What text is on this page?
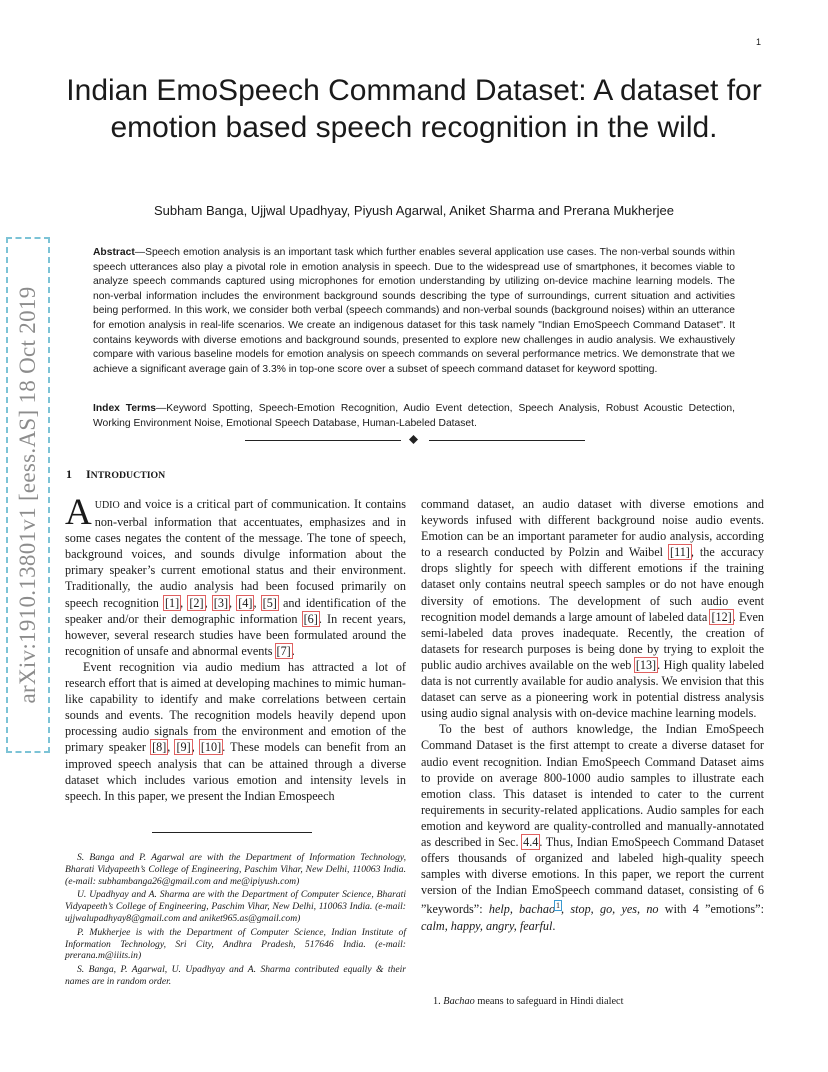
1
Indian EmoSpeech Command Dataset: A dataset for emotion based speech recognition in the wild.
Subham Banga, Ujjwal Upadhyay, Piyush Agarwal, Aniket Sharma and Prerana Mukherjee
arXiv:1910.13801v1 [eess.AS] 18 Oct 2019
Abstract—Speech emotion analysis is an important task which further enables several application use cases. The non-verbal sounds within speech utterances also play a pivotal role in emotion analysis in speech. Due to the widespread use of smartphones, it becomes viable to analyze speech commands captured using microphones for emotion understanding by utilizing on-device machine learning models. The non-verbal information includes the environment background sounds describing the type of surroundings, current situation and activities being performed. In this work, we consider both verbal (speech commands) and non-verbal sounds (background noises) within an utterance for emotion analysis in real-life scenarios. We create an indigenous dataset for this task namely "Indian EmoSpeech Command Dataset". It contains keywords with diverse emotions and background sounds, presented to explore new challenges in audio analysis. We exhaustively compare with various baseline models for emotion analysis on speech commands on several performance metrics. We demonstrate that we achieve a significant average gain of 3.3% in top-one score over a subset of speech command dataset for keyword spotting.
Index Terms—Keyword Spotting, Speech-Emotion Recognition, Audio Event detection, Speech Analysis, Robust Acoustic Detection, Working Environment Noise, Emotional Speech Database, Human-Labeled Dataset.
1 INTRODUCTION

AUDIO and voice is a critical part of communication. It contains non-verbal information that accentuates, emphasizes and in some cases negates the content of the message. The tone of speech, background voices, and sounds divulge information about the primary speaker’s current emotional status and their environment. Traditionally, the audio analysis had been focused primarily on speech recognition [1], [2], [3], [4], [5] and identification of the speaker and/or their demographic information [6]. In recent years, however, several research studies have been formulated around the recognition of unsafe and abnormal events [7].

Event recognition via audio medium has attracted a lot of research effort that is aimed at developing machines to mimic human-like capability to identify and make correlations between certain sounds and events. The recognition models heavily depend upon processing audio signals from the environment and emotion of the primary speaker [8], [9], [10]. These models can benefit from an improved speech analysis that can be attained through a diverse dataset which includes various emotion and intensity levels in speech. In this paper, we present the Indian Emospeech

command dataset, an audio dataset with diverse emotions and keywords infused with different background noise audio events. Emotion can be an important parameter for audio analysis, according to a research conducted by Polzin and Waibel [11], the accuracy drops slightly for speech with different emotions if the training dataset only contains neutral speech samples or do not have enough diversity of emotions. The development of such audio event recognition model demands a large amount of labeled data [12]. Even semi-labeled data proves inadequate. Recently, the creation of datasets for research purposes is being done by trying to exploit the public audio archives available on the web [13]. High quality labeled data is not currently available for audio analysis. We envision that this dataset can serve as a pioneering work in potential distress analysis using audio signal analysis with on-device machine learning models.

To the best of authors knowledge, the Indian EmoSpeech Command Dataset is the first attempt to create a diverse dataset for audio event recognition. Indian EmoSpeech Command Dataset aims to provide on average 800-1000 audio samples to illustrate each emotion class. This dataset is intended to cater to the current requirements in security-related applications. Audio samples for each emotion and keyword are quality-controlled and manually-annotated as described in Sec. 4.4. Thus, Indian EmoSpeech Command Dataset offers thousands of organized and labeled high-quality speech samples with diverse emotions. In this paper, we report the current version of the Indian EmoSpeech command dataset, consisting of 6 ”keywords”: help, bachao$^1$, stop, go, yes, no with 4 ”emotions”: calm, happy, angry, fearful.

S. Banga and P. Agarwal are with the Department of Information Technology, Bharati Vidyapeeth’s College of Engineering, Paschim Vihar, New Delhi, 110063 India. (e-mail: subhambanga26@gmail.com and me@ipiyush.com)

U. Upadhyay and A. Sharma are with the Department of Computer Science, Bharati Vidyapeeth’s College of Engineering, Paschim Vihar, New Delhi, 110063 India. (e-mail: ujjwalupadhyay8@gmail.com and aniket965.as@gmail.com)

P. Mukherjee is with the Department of Computer Science, Indian Institute of Information Technology, Sri City, Andhra Pradesh, 517646 India. (e-mail: prerana.m@iiits.in)

S. Banga, P. Agarwal, U. Upadhyay and A. Sharma contributed equally & their names are in random order.

1. Bachao means to safeguard in Hindi dialect
